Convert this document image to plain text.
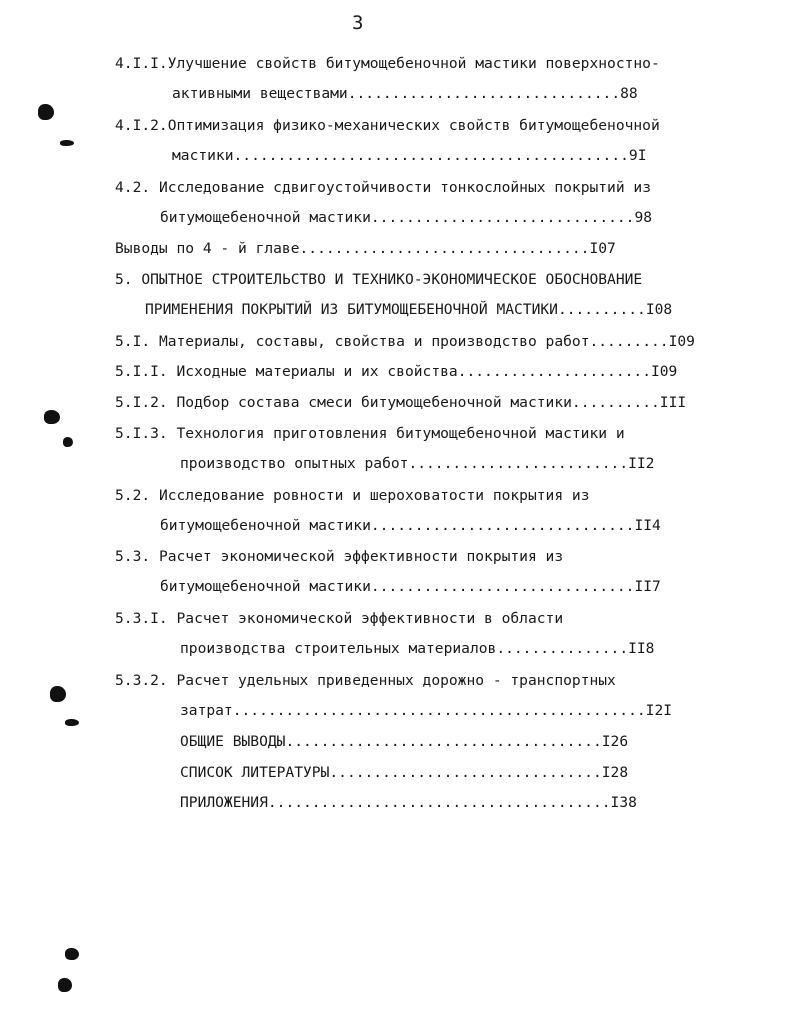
3
4.I.I.Улучшение свойств битумощебеночной мастики поверхностно-
активными веществами...............................88
4.I.2.Оптимизация физико-механических свойств битумощебеночной
мастики.............................................9I
4.2. Исследование сдвигоустойчивости тонкослойных покрытий из
битумощебеночной мастики..............................98
Выводы по 4 - й главе.................................I07
5. ОПЫТНОЕ СТРОИТЕЛЬСТВО И ТЕХНИКО-ЭКОНОМИЧЕСКОЕ ОБОСНОВАНИЕ
ПРИМЕНЕНИЯ ПОКРЫТИЙ ИЗ БИТУМОЩЕБЕНОЧНОЙ МАСТИКИ..........I08
5.I. Материалы, составы, свойства и производство работ.........I09
5.I.I. Исходные материалы и их свойства......................I09
5.I.2. Подбор состава смеси битумощебеночной мастики..........III
5.I.3. Технология приготовления битумощебеночной мастики и
производство опытных работ.........................II2
5.2. Исследование ровности и шероховатости покрытия из
битумощебеночной мастики..............................II4
5.3. Расчет экономической эффективности покрытия из
битумощебеночной мастики..............................II7
5.3.I. Расчет экономической эффективности в области
производства строительных материалов...............II8
5.3.2. Расчет удельных приведенных дорожно - транспортных
затрат...............................................I2I
ОБЩИЕ ВЫВОДЫ....................................I26
СПИСОК ЛИТЕРАТУРЫ...............................I28
ПРИЛОЖЕНИЯ.......................................I38
